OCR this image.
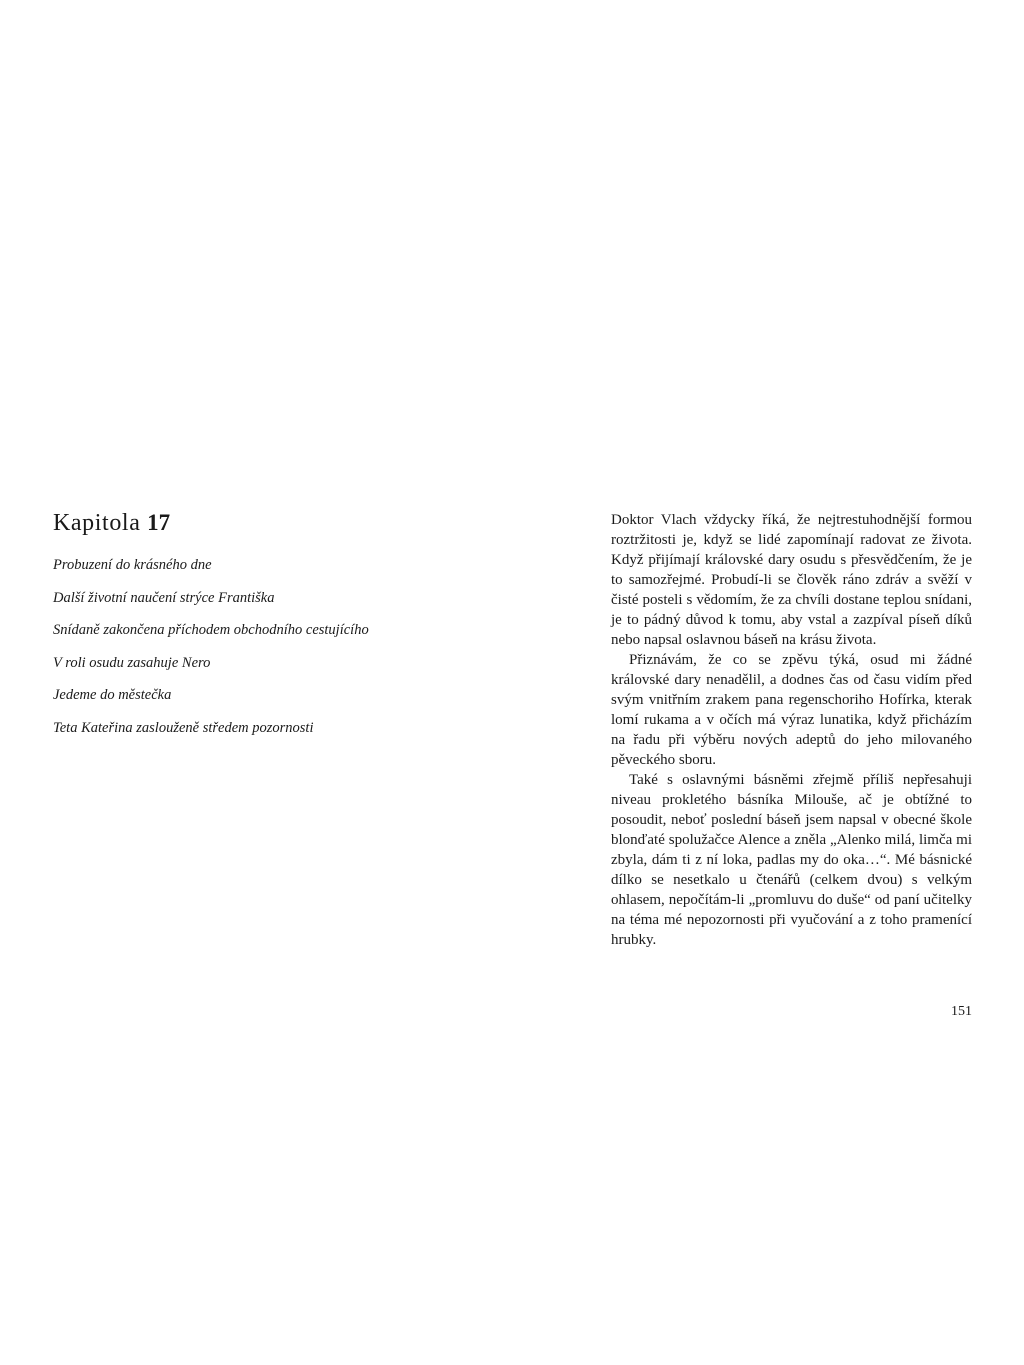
Kapitola 17
Probuzení do krásného dne
Další životní naučení strýce Františka
Snídaně zakončena příchodem obchodního cestujícího
V roli osudu zasahuje Nero
Jedeme do městečka
Teta Kateřina zaslouženě středem pozornosti

Doktor Vlach vždycky říká, že nejtrestuhodnější formou roztržitosti je, když se lidé zapomínají radovat ze života. Když přijímají královské dary osudu s přesvědčením, že je to samozřejmé. Probudí-li se člověk ráno zdráv a svěží v čisté posteli s vědomím, že za chvíli dostane teplou snídani, je to pádný důvod k tomu, aby vstal a zazpíval píseň díků nebo napsal oslavnou báseň na krásu života.

Přiznávám, že co se zpěvu týká, osud mi žádné královské dary nenadělil, a dodnes čas od času vidím před svým vnitřním zrakem pana regenschoriho Hofírka, kterak lomí rukama a v očích má výraz lunatika, když přicházím na řadu při výběru nových adeptů do jeho milovaného pěveckého sboru.

Také s oslavnými básněmi zřejmě příliš nepřesahuji niveau prokletého básníka Milouše, ač je obtížné to posoudit, neboť poslední báseň jsem napsal v obecné škole blonďaté spolužačce Alence a zněla „Alenko milá, limča mi zbyla, dám ti z ní loka, padlas my do oka…“. Mé básnické dílko se nesetkalo u čtenářů (celkem dvou) s velkým ohlasem, nepočítám-li „promluvu do duše“ od paní učitelky na téma mé nepozornosti při vyučování a z toho pramenící hrubky.

151
